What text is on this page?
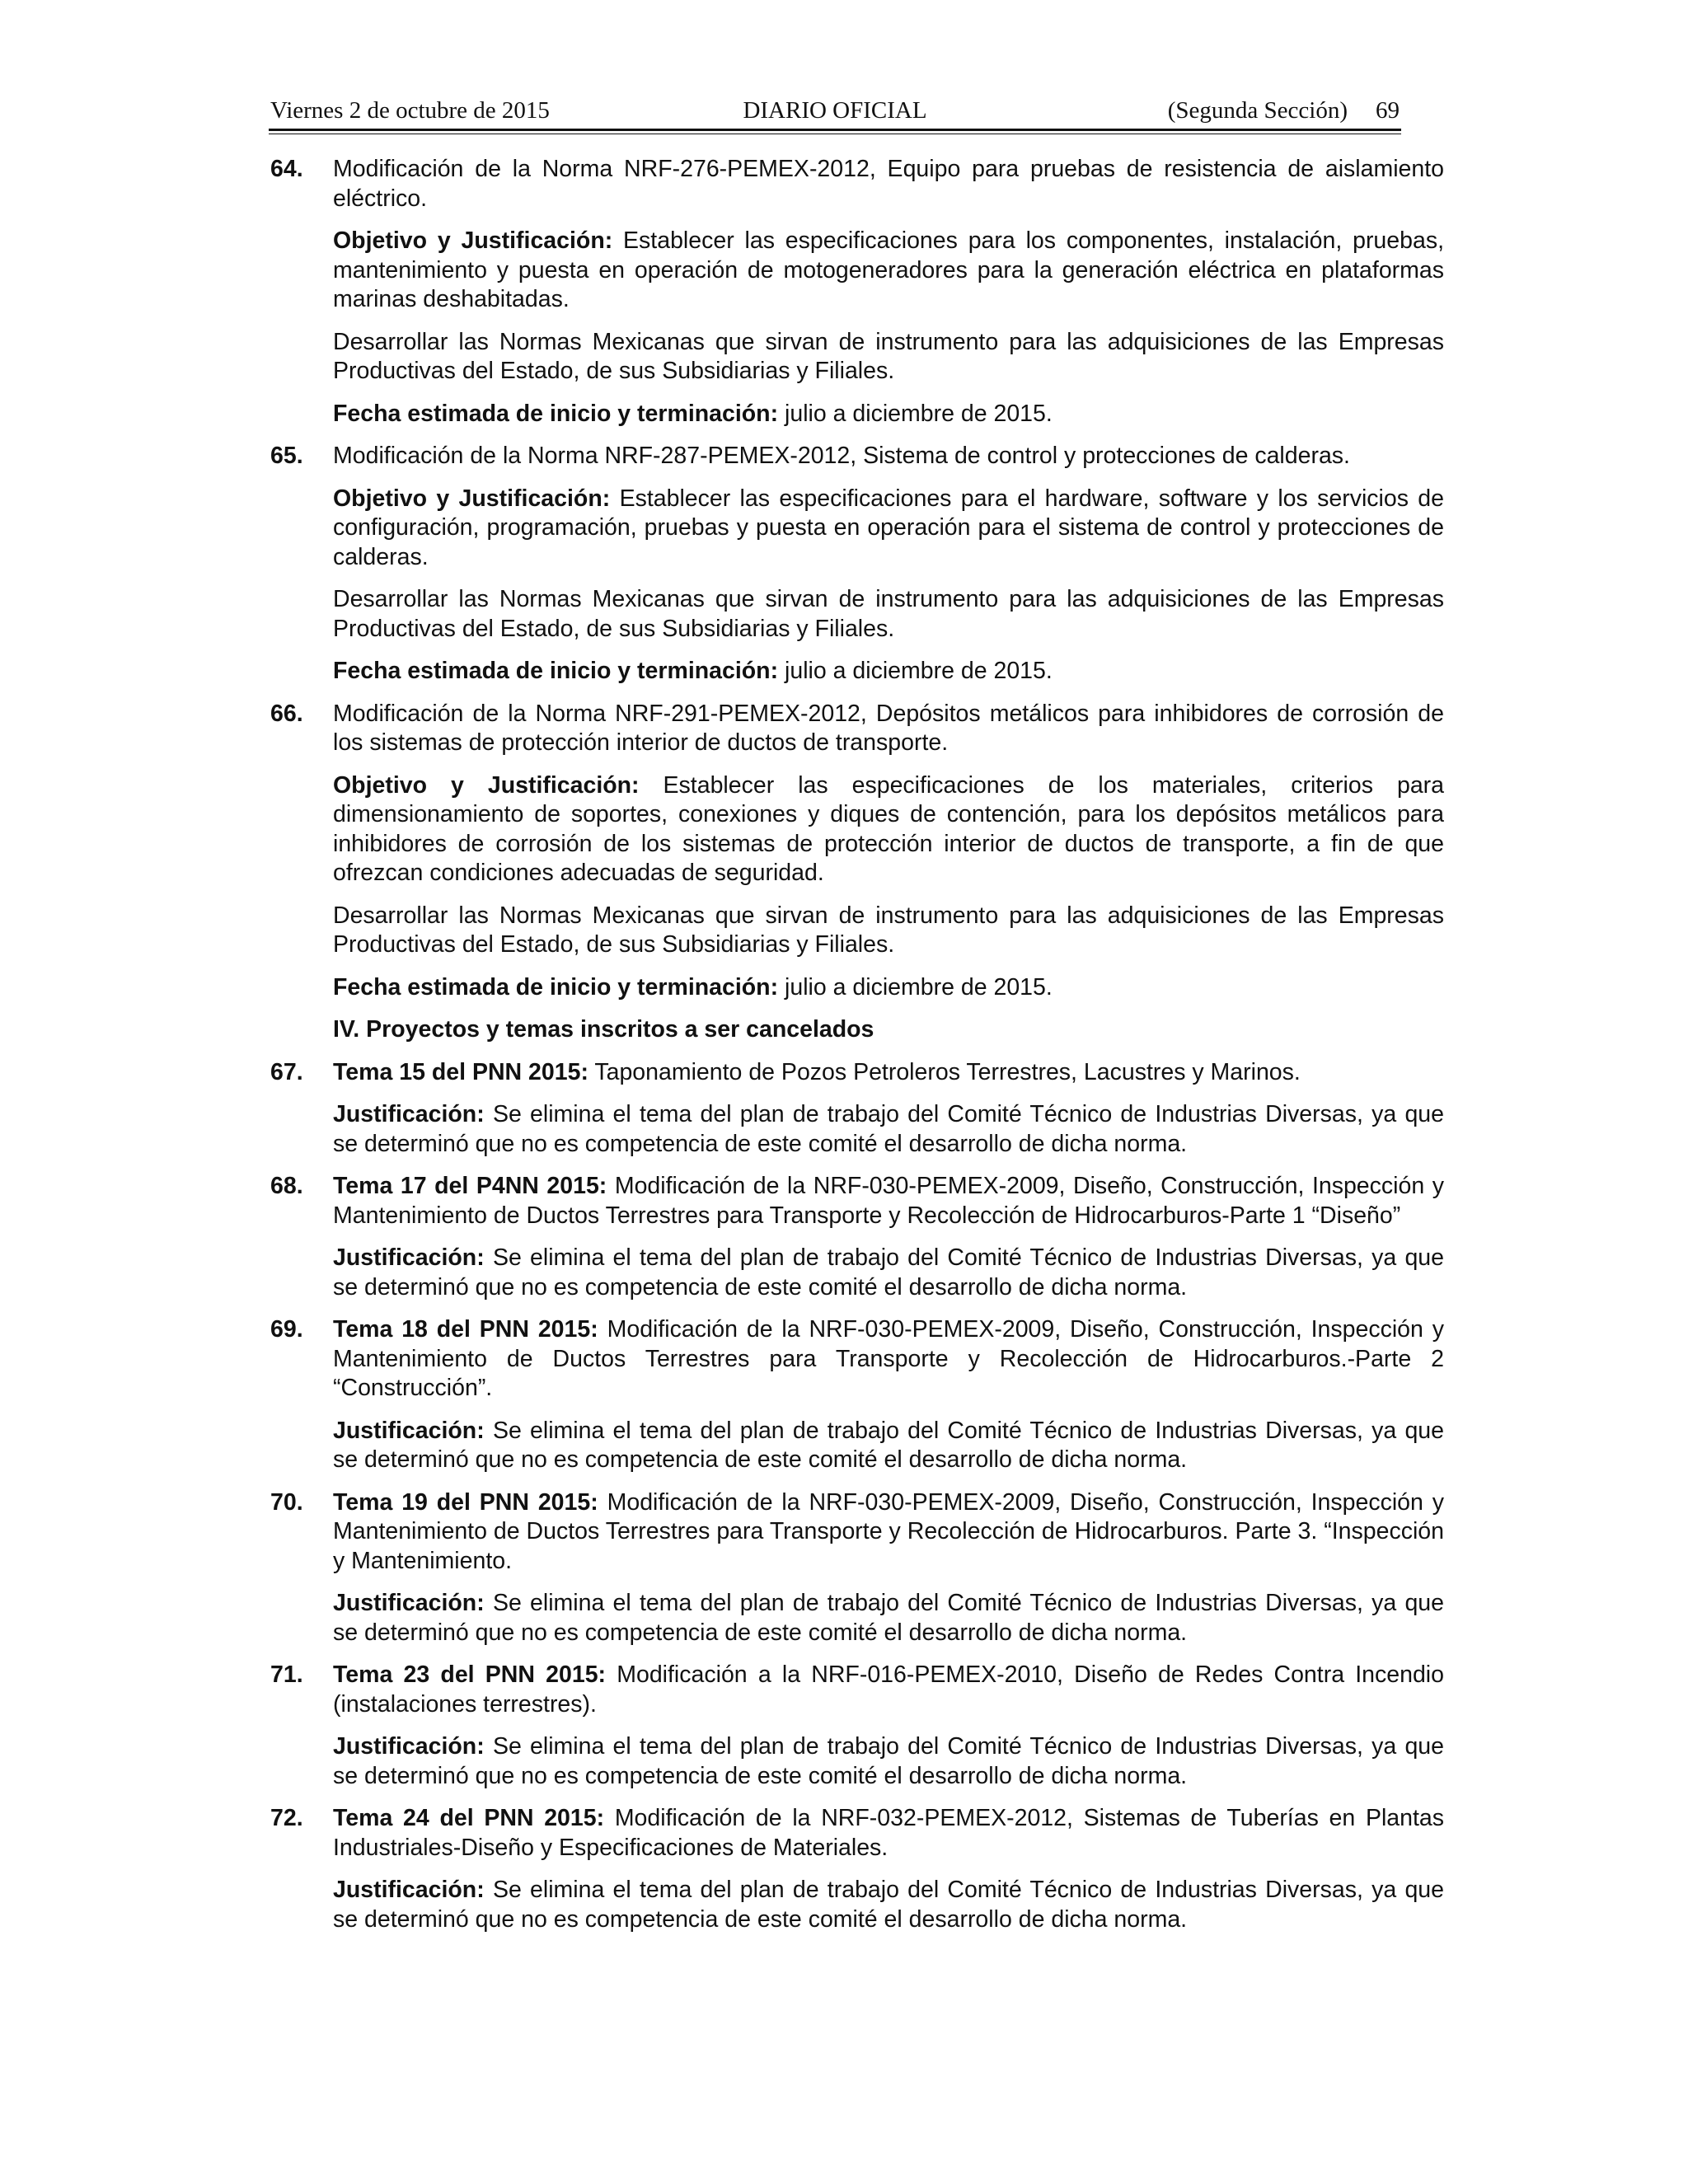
Viernes 2 de octubre de 2015	DIARIO OFICIAL	(Segunda Sección) 69
64. Modificación de la Norma NRF-276-PEMEX-2012, Equipo para pruebas de resistencia de aislamiento eléctrico.
Objetivo y Justificación: Establecer las especificaciones para los componentes, instalación, pruebas, mantenimiento y puesta en operación de motogeneradores para la generación eléctrica en plataformas marinas deshabitadas.
Desarrollar las Normas Mexicanas que sirvan de instrumento para las adquisiciones de las Empresas Productivas del Estado, de sus Subsidiarias y Filiales.
Fecha estimada de inicio y terminación: julio a diciembre de 2015.
65. Modificación de la Norma NRF-287-PEMEX-2012, Sistema de control y protecciones de calderas.
Objetivo y Justificación: Establecer las especificaciones para el hardware, software y los servicios de configuración, programación, pruebas y puesta en operación para el sistema de control y protecciones de calderas.
Desarrollar las Normas Mexicanas que sirvan de instrumento para las adquisiciones de las Empresas Productivas del Estado, de sus Subsidiarias y Filiales.
Fecha estimada de inicio y terminación: julio a diciembre de 2015.
66. Modificación de la Norma NRF-291-PEMEX-2012, Depósitos metálicos para inhibidores de corrosión de los sistemas de protección interior de ductos de transporte.
Objetivo y Justificación: Establecer las especificaciones de los materiales, criterios para dimensionamiento de soportes, conexiones y diques de contención, para los depósitos metálicos para inhibidores de corrosión de los sistemas de protección interior de ductos de transporte, a fin de que ofrezcan condiciones adecuadas de seguridad.
Desarrollar las Normas Mexicanas que sirvan de instrumento para las adquisiciones de las Empresas Productivas del Estado, de sus Subsidiarias y Filiales.
Fecha estimada de inicio y terminación: julio a diciembre de 2015.
IV. Proyectos y temas inscritos a ser cancelados
67. Tema 15 del PNN 2015: Taponamiento de Pozos Petroleros Terrestres, Lacustres y Marinos.
Justificación: Se elimina el tema del plan de trabajo del Comité Técnico de Industrias Diversas, ya que se determinó que no es competencia de este comité el desarrollo de dicha norma.
68. Tema 17 del P4NN 2015: Modificación de la NRF-030-PEMEX-2009, Diseño, Construcción, Inspección y Mantenimiento de Ductos Terrestres para Transporte y Recolección de Hidrocarburos-Parte 1 “Diseño”
Justificación: Se elimina el tema del plan de trabajo del Comité Técnico de Industrias Diversas, ya que se determinó que no es competencia de este comité el desarrollo de dicha norma.
69. Tema 18 del PNN 2015: Modificación de la NRF-030-PEMEX-2009, Diseño, Construcción, Inspección y Mantenimiento de Ductos Terrestres para Transporte y Recolección de Hidrocarburos.-Parte 2 “Construcción”.
Justificación: Se elimina el tema del plan de trabajo del Comité Técnico de Industrias Diversas, ya que se determinó que no es competencia de este comité el desarrollo de dicha norma.
70. Tema 19 del PNN 2015: Modificación de la NRF-030-PEMEX-2009, Diseño, Construcción, Inspección y Mantenimiento de Ductos Terrestres para Transporte y Recolección de Hidrocarburos. Parte 3. “Inspección y Mantenimiento.
Justificación: Se elimina el tema del plan de trabajo del Comité Técnico de Industrias Diversas, ya que se determinó que no es competencia de este comité el desarrollo de dicha norma.
71. Tema 23 del PNN 2015: Modificación a la NRF-016-PEMEX-2010, Diseño de Redes Contra Incendio (instalaciones terrestres).
Justificación: Se elimina el tema del plan de trabajo del Comité Técnico de Industrias Diversas, ya que se determinó que no es competencia de este comité el desarrollo de dicha norma.
72. Tema 24 del PNN 2015: Modificación de la NRF-032-PEMEX-2012, Sistemas de Tuberías en Plantas Industriales-Diseño y Especificaciones de Materiales.
Justificación: Se elimina el tema del plan de trabajo del Comité Técnico de Industrias Diversas, ya que se determinó que no es competencia de este comité el desarrollo de dicha norma.
